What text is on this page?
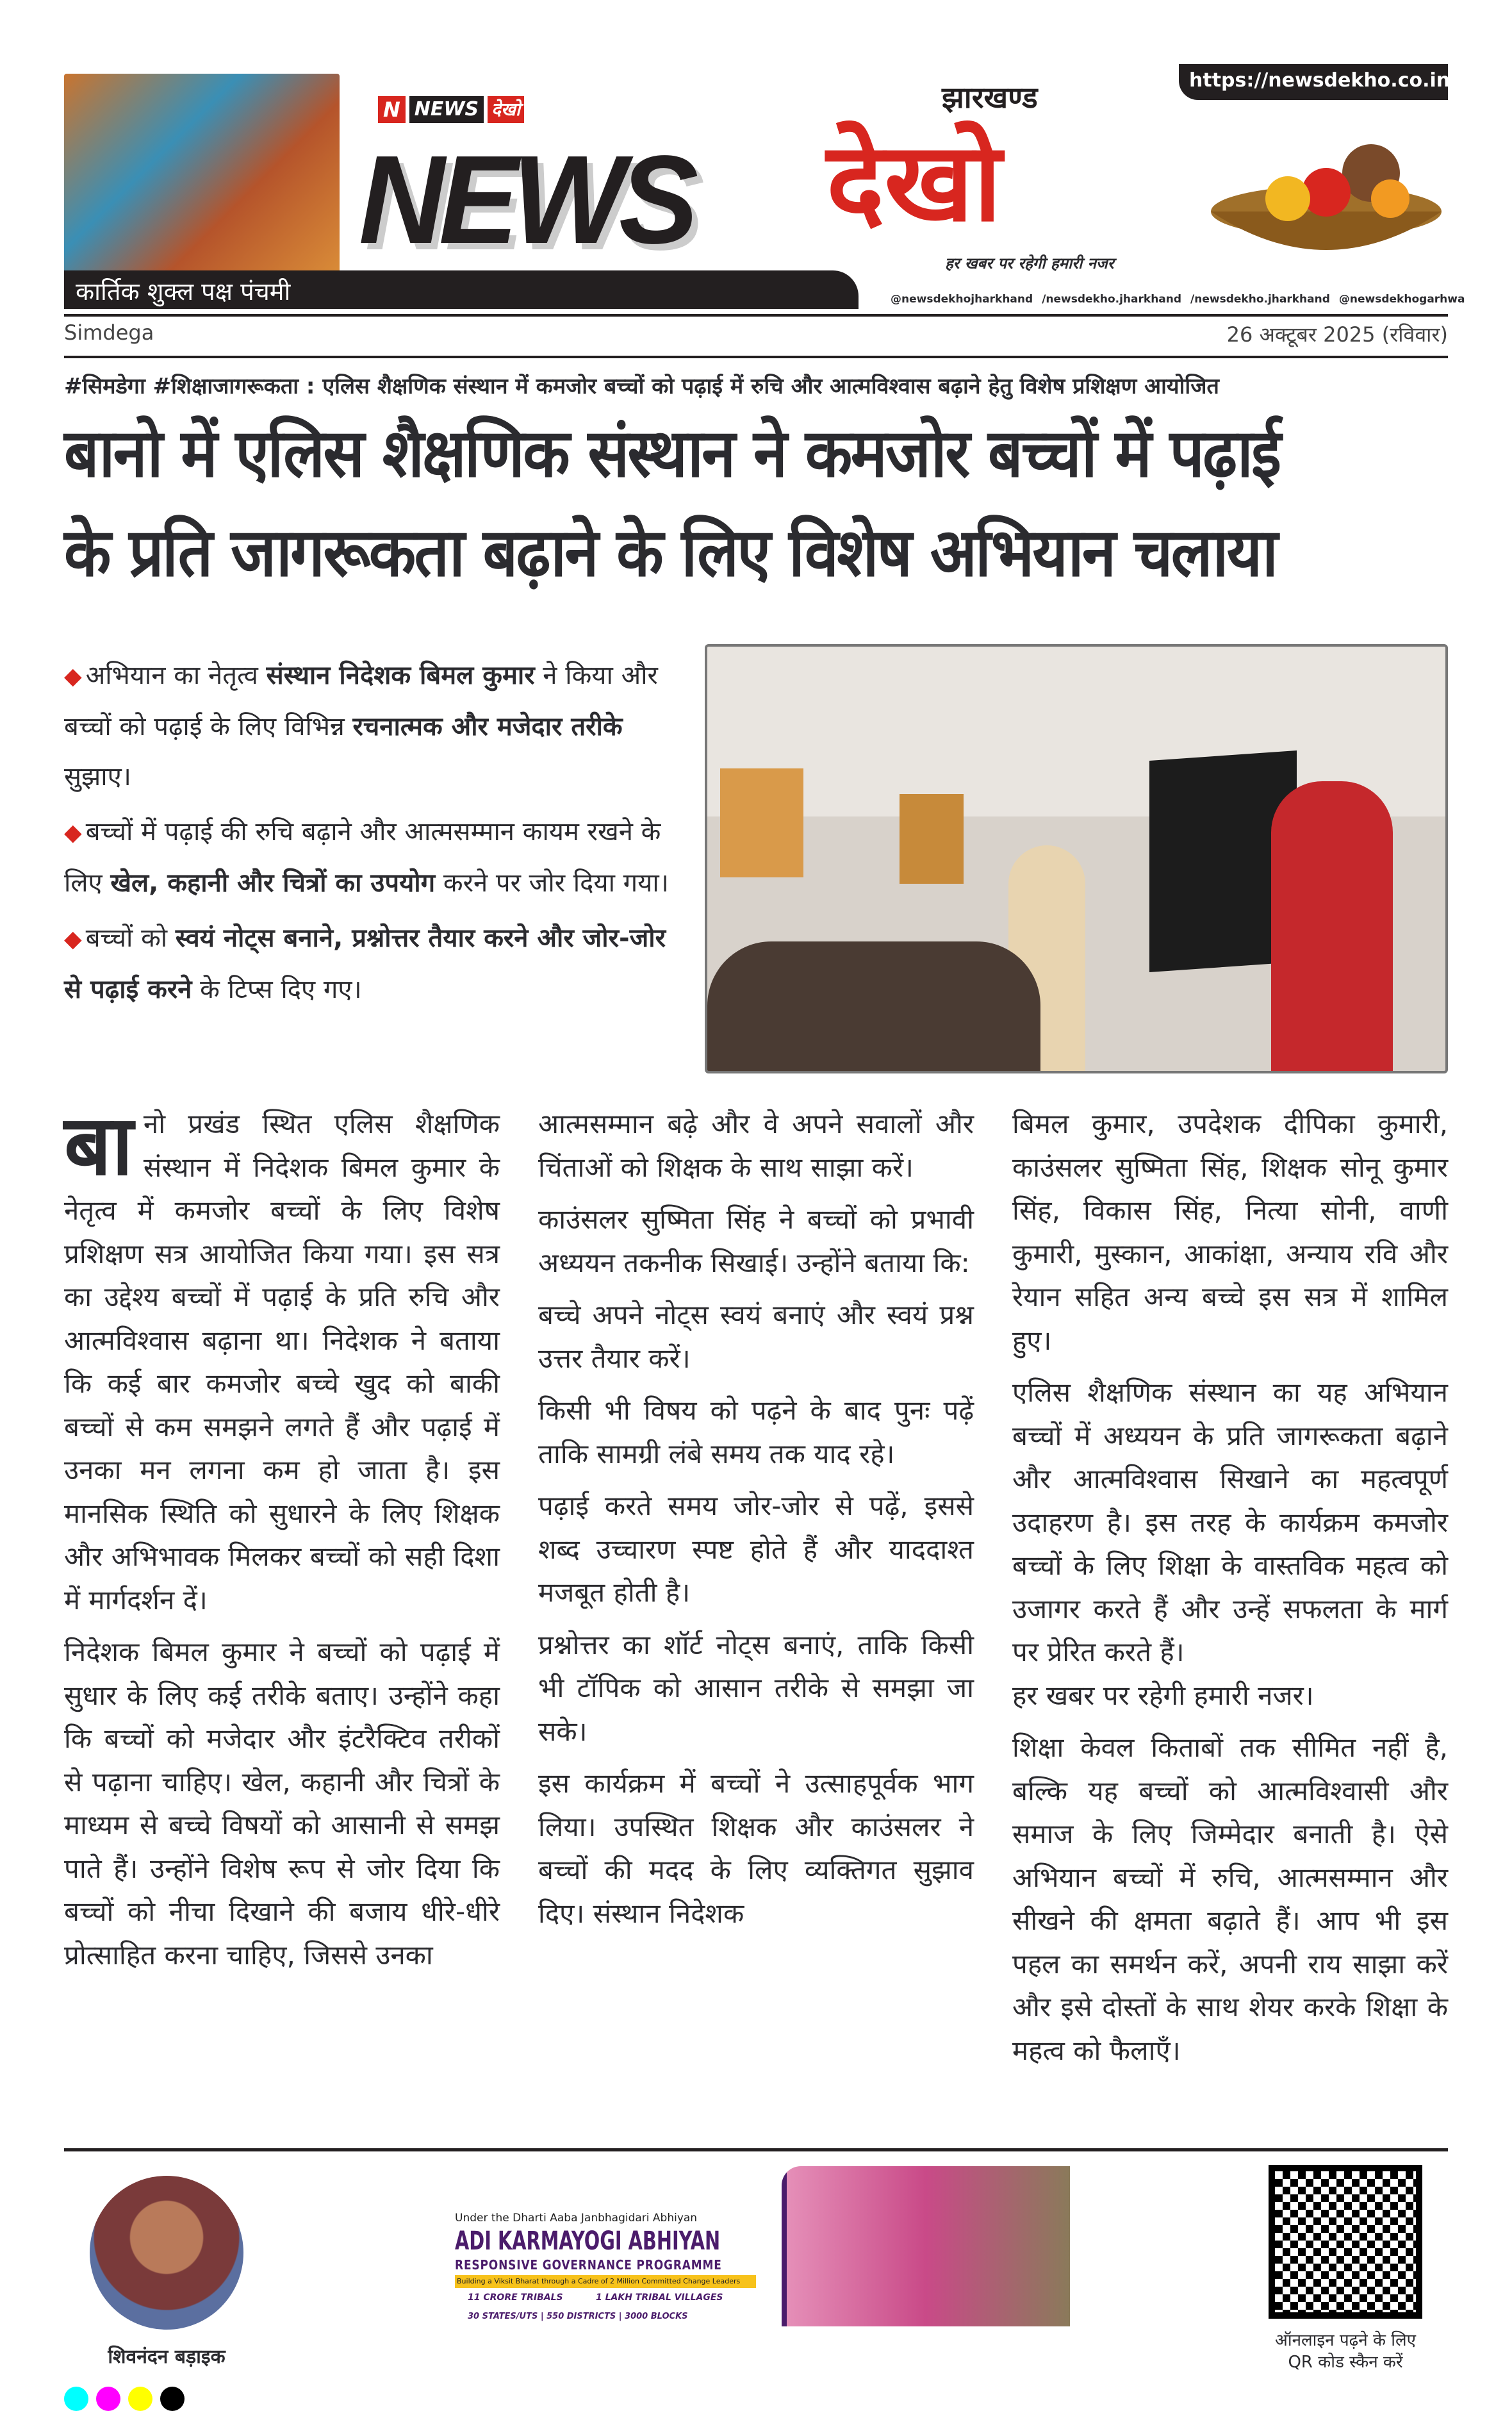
कार्तिक शुक्ल पक्ष पंचमी
N NEWS देखो
NEWS देखो
झारखण्ड
हर खबर पर रहेगी हमारी नजर
@newsdekhojharkhand /newsdekho.jharkhand /newsdekho.jharkhand @newsdekhogarhwa
https://newsdekho.co.in
Simdega	26 अक्टूबर 2025 (रविवार)
#सिमडेगा #शिक्षाजागरूकता : एलिस शैक्षणिक संस्थान में कमजोर बच्चों को पढ़ाई में रुचि और आत्मविश्वास बढ़ाने हेतु विशेष प्रशिक्षण आयोजित
बानो में एलिस शैक्षणिक संस्थान ने कमजोर बच्चों में पढ़ाई
के प्रति जागरूकता बढ़ाने के लिए विशेष अभियान चलाया
◆ अभियान का नेतृत्व संस्थान निदेशक बिमल कुमार ने किया और बच्चों को पढ़ाई के लिए विभिन्न रचनात्मक और मजेदार तरीके सुझाए।
◆ बच्चों में पढ़ाई की रुचि बढ़ाने और आत्मसम्मान कायम रखने के लिए खेल, कहानी और चित्रों का उपयोग करने पर जोर दिया गया।
◆ बच्चों को स्वयं नोट्स बनाने, प्रश्नोत्तर तैयार करने और जोर-जोर से पढ़ाई करने के टिप्स दिए गए।

बानो प्रखंड स्थित एलिस शैक्षणिक संस्थान में निदेशक बिमल कुमार के नेतृत्व में कमजोर बच्चों के लिए विशेष प्रशिक्षण सत्र आयोजित किया गया। इस सत्र का उद्देश्य बच्चों में पढ़ाई के प्रति रुचि और आत्मविश्वास बढ़ाना था। निदेशक ने बताया कि कई बार कमजोर बच्चे खुद को बाकी बच्चों से कम समझने लगते हैं और पढ़ाई में उनका मन लगना कम हो जाता है। इस मानसिक स्थिति को सुधारने के लिए शिक्षक और अभिभावक मिलकर बच्चों को सही दिशा में मार्गदर्शन दें।

निदेशक बिमल कुमार ने बच्चों को पढ़ाई में सुधार के लिए कई तरीके बताए। उन्होंने कहा कि बच्चों को मजेदार और इंटरैक्टिव तरीकों से पढ़ाना चाहिए। खेल, कहानी और चित्रों के माध्यम से बच्चे विषयों को आसानी से समझ पाते हैं। उन्होंने विशेष रूप से जोर दिया कि बच्चों को नीचा दिखाने की बजाय धीरे-धीरे प्रोत्साहित करना चाहिए, जिससे उनका

आत्मसम्मान बढ़े और वे अपने सवालों और चिंताओं को शिक्षक के साथ साझा करें।

काउंसलर सुष्मिता सिंह ने बच्चों को प्रभावी अध्ययन तकनीक सिखाई। उन्होंने बताया कि:

बच्चे अपने नोट्स स्वयं बनाएं और स्वयं प्रश्न उत्तर तैयार करें।

किसी भी विषय को पढ़ने के बाद पुनः पढ़ें ताकि सामग्री लंबे समय तक याद रहे।

पढ़ाई करते समय जोर-जोर से पढ़ें, इससे शब्द उच्चारण स्पष्ट होते हैं और याददाश्त मजबूत होती है।

प्रश्नोत्तर का शॉर्ट नोट्स बनाएं, ताकि किसी भी टॉपिक को आसान तरीके से समझा जा सके।

इस कार्यक्रम में बच्चों ने उत्साहपूर्वक भाग लिया। उपस्थित शिक्षक और काउंसलर ने बच्चों की मदद के लिए व्यक्तिगत सुझाव दिए। संस्थान निदेशक

बिमल कुमार, उपदेशक दीपिका कुमारी, काउंसलर सुष्मिता सिंह, शिक्षक सोनू कुमार सिंह, विकास सिंह, नित्या सोनी, वाणी कुमारी, मुस्कान, आकांक्षा, अन्याय रवि और रेयान सहित अन्य बच्चे इस सत्र में शामिल हुए।

एलिस शैक्षणिक संस्थान का यह अभियान बच्चों में अध्ययन के प्रति जागरूकता बढ़ाने और आत्मविश्वास सिखाने का महत्वपूर्ण उदाहरण है। इस तरह के कार्यक्रम कमजोर बच्चों के लिए शिक्षा के वास्तविक महत्व को उजागर करते हैं और उन्हें सफलता के मार्ग पर प्रेरित करते हैं।

हर खबर पर रहेगी हमारी नजर।

शिक्षा केवल किताबों तक सीमित नहीं है, बल्कि यह बच्चों को आत्मविश्वासी और समाज के लिए जिम्मेदार बनाती है। ऐसे अभियान बच्चों में रुचि, आत्मसम्मान और सीखने की क्षमता बढ़ाते हैं। आप भी इस पहल का समर्थन करें, अपनी राय साझा करें और इसे दोस्तों के साथ शेयर करके शिक्षा के महत्व को फैलाएँ।

शिवनंदन बड़ाइक
Under the Dharti Aaba Janbhagidari Abhiyan
ADI KARMAYOGI ABHIYAN
RESPONSIVE GOVERNANCE PROGRAMME
Building a Viksit Bharat through a Cadre of 2 Million Committed Change Leaders
11 CRORE TRIBALS	1 LAKH TRIBAL VILLAGES
30 STATES/UTS | 550 DISTRICTS | 3000 BLOCKS
ऑनलाइन पढ़ने के लिए
QR कोड स्कैन करें
